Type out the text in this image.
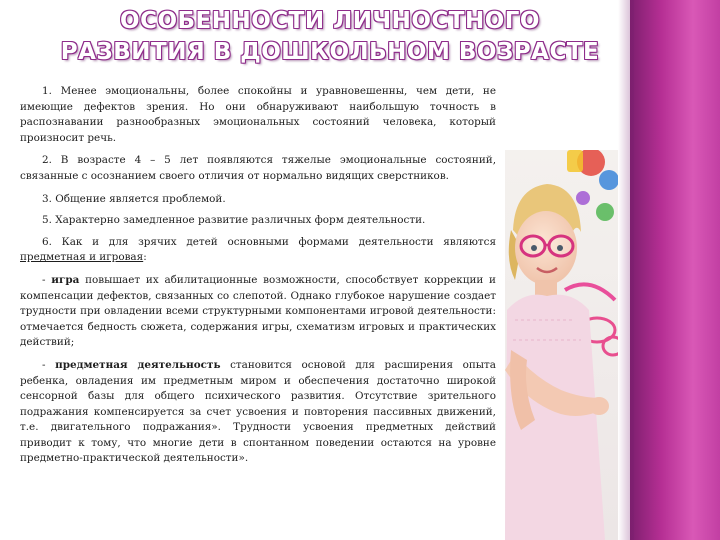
ОСОБЕННОСТИ ЛИЧНОСТНОГО
РАЗВИТИЯ В ДОШКОЛЬНОМ ВОЗРАСТЕ

1. Менее эмоциональны, более спокойны и уравновешенны, чем дети, не имеющие дефектов зрения. Но они обнаруживают наибольшую точность в распознавании разнообразных эмоциональных состояний человека, который произносит речь.

2. В возрасте 4 – 5 лет появляются тяжелые эмоциональные состояний, связанные с осознанием своего отличия от нормально видящих сверстников.

3. Общение является проблемой.

5. Характерно замедленное развитие различных форм деятельности.

6. Как и для зрячих детей основными формами деятельности являются предметная и игровая:

- игра повышает их абилитационные возможности, способствует коррекции и компенсации дефектов, связанных со слепотой. Однако глубокое нарушение создает трудности при овладении всеми структурными компонентами игровой деятельности: отмечается бедность сюжета, содержания игры, схематизм игровых и практических действий;

- предметная деятельность становится основой для расширения опыта ребенка, овладения им предметным миром и обеспечения достаточно широкой сенсорной базы для общего психического развития. Отсутствие зрительного подражания компенсируется за счет усвоения и повторения пассивных движений, т.е. двигательного подражания». Трудности усвоения предметных действий приводит к тому, что многие дети в спонтанном поведении остаются на уровне предметно-практической деятельности».
